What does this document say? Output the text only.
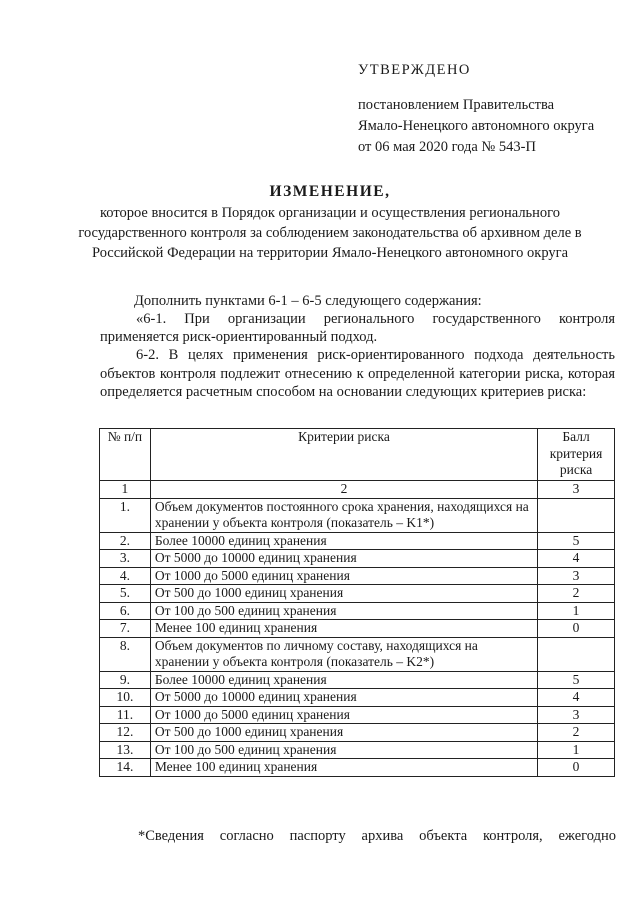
УТВЕРЖДЕНО
постановлением Правительства
Ямало-Ненецкого автономного округа
от 06 мая 2020 года № 543-П
ИЗМЕНЕНИЕ,
которое вносится в Порядок организации и осуществления регионального государственного контроля за соблюдением законодательства об архивном деле в Российской Федерации на территории Ямало-Ненецкого автономного округа
Дополнить пунктами 6-1 – 6-5 следующего содержания:
«6-1. При организации регионального государственного контроля
применяется риск-ориентированный подход.
6-2. В целях применения риск-ориентированного подхода деятельность объектов контроля подлежит отнесению к определенной категории риска, которая определяется расчетным способом на основании следующих критериев риска:
№ п/п	Критерии риска	Балл критерия риска
1	2	3
1.	Объем документов постоянного срока хранения, находящихся на хранении у объекта контроля (показатель – K1*)	
2.	Более 10000 единиц хранения	5
3.	От 5000 до 10000 единиц хранения	4
4.	От 1000 до 5000 единиц хранения	3
5.	От 500 до 1000 единиц хранения	2
6.	От 100 до 500 единиц хранения	1
7.	Менее 100 единиц хранения	0
8.	Объем документов по личному составу, находящихся на хранении у объекта контроля (показатель – K2*)	
9.	Более 10000 единиц хранения	5
10.	От 5000 до 10000 единиц хранения	4
11.	От 1000 до 5000 единиц хранения	3
12.	От 500 до 1000 единиц хранения	2
13.	От 100 до 500 единиц хранения	1
14.	Менее 100 единиц хранения	0
*Сведения согласно паспорту архива объекта контроля, ежегодно
